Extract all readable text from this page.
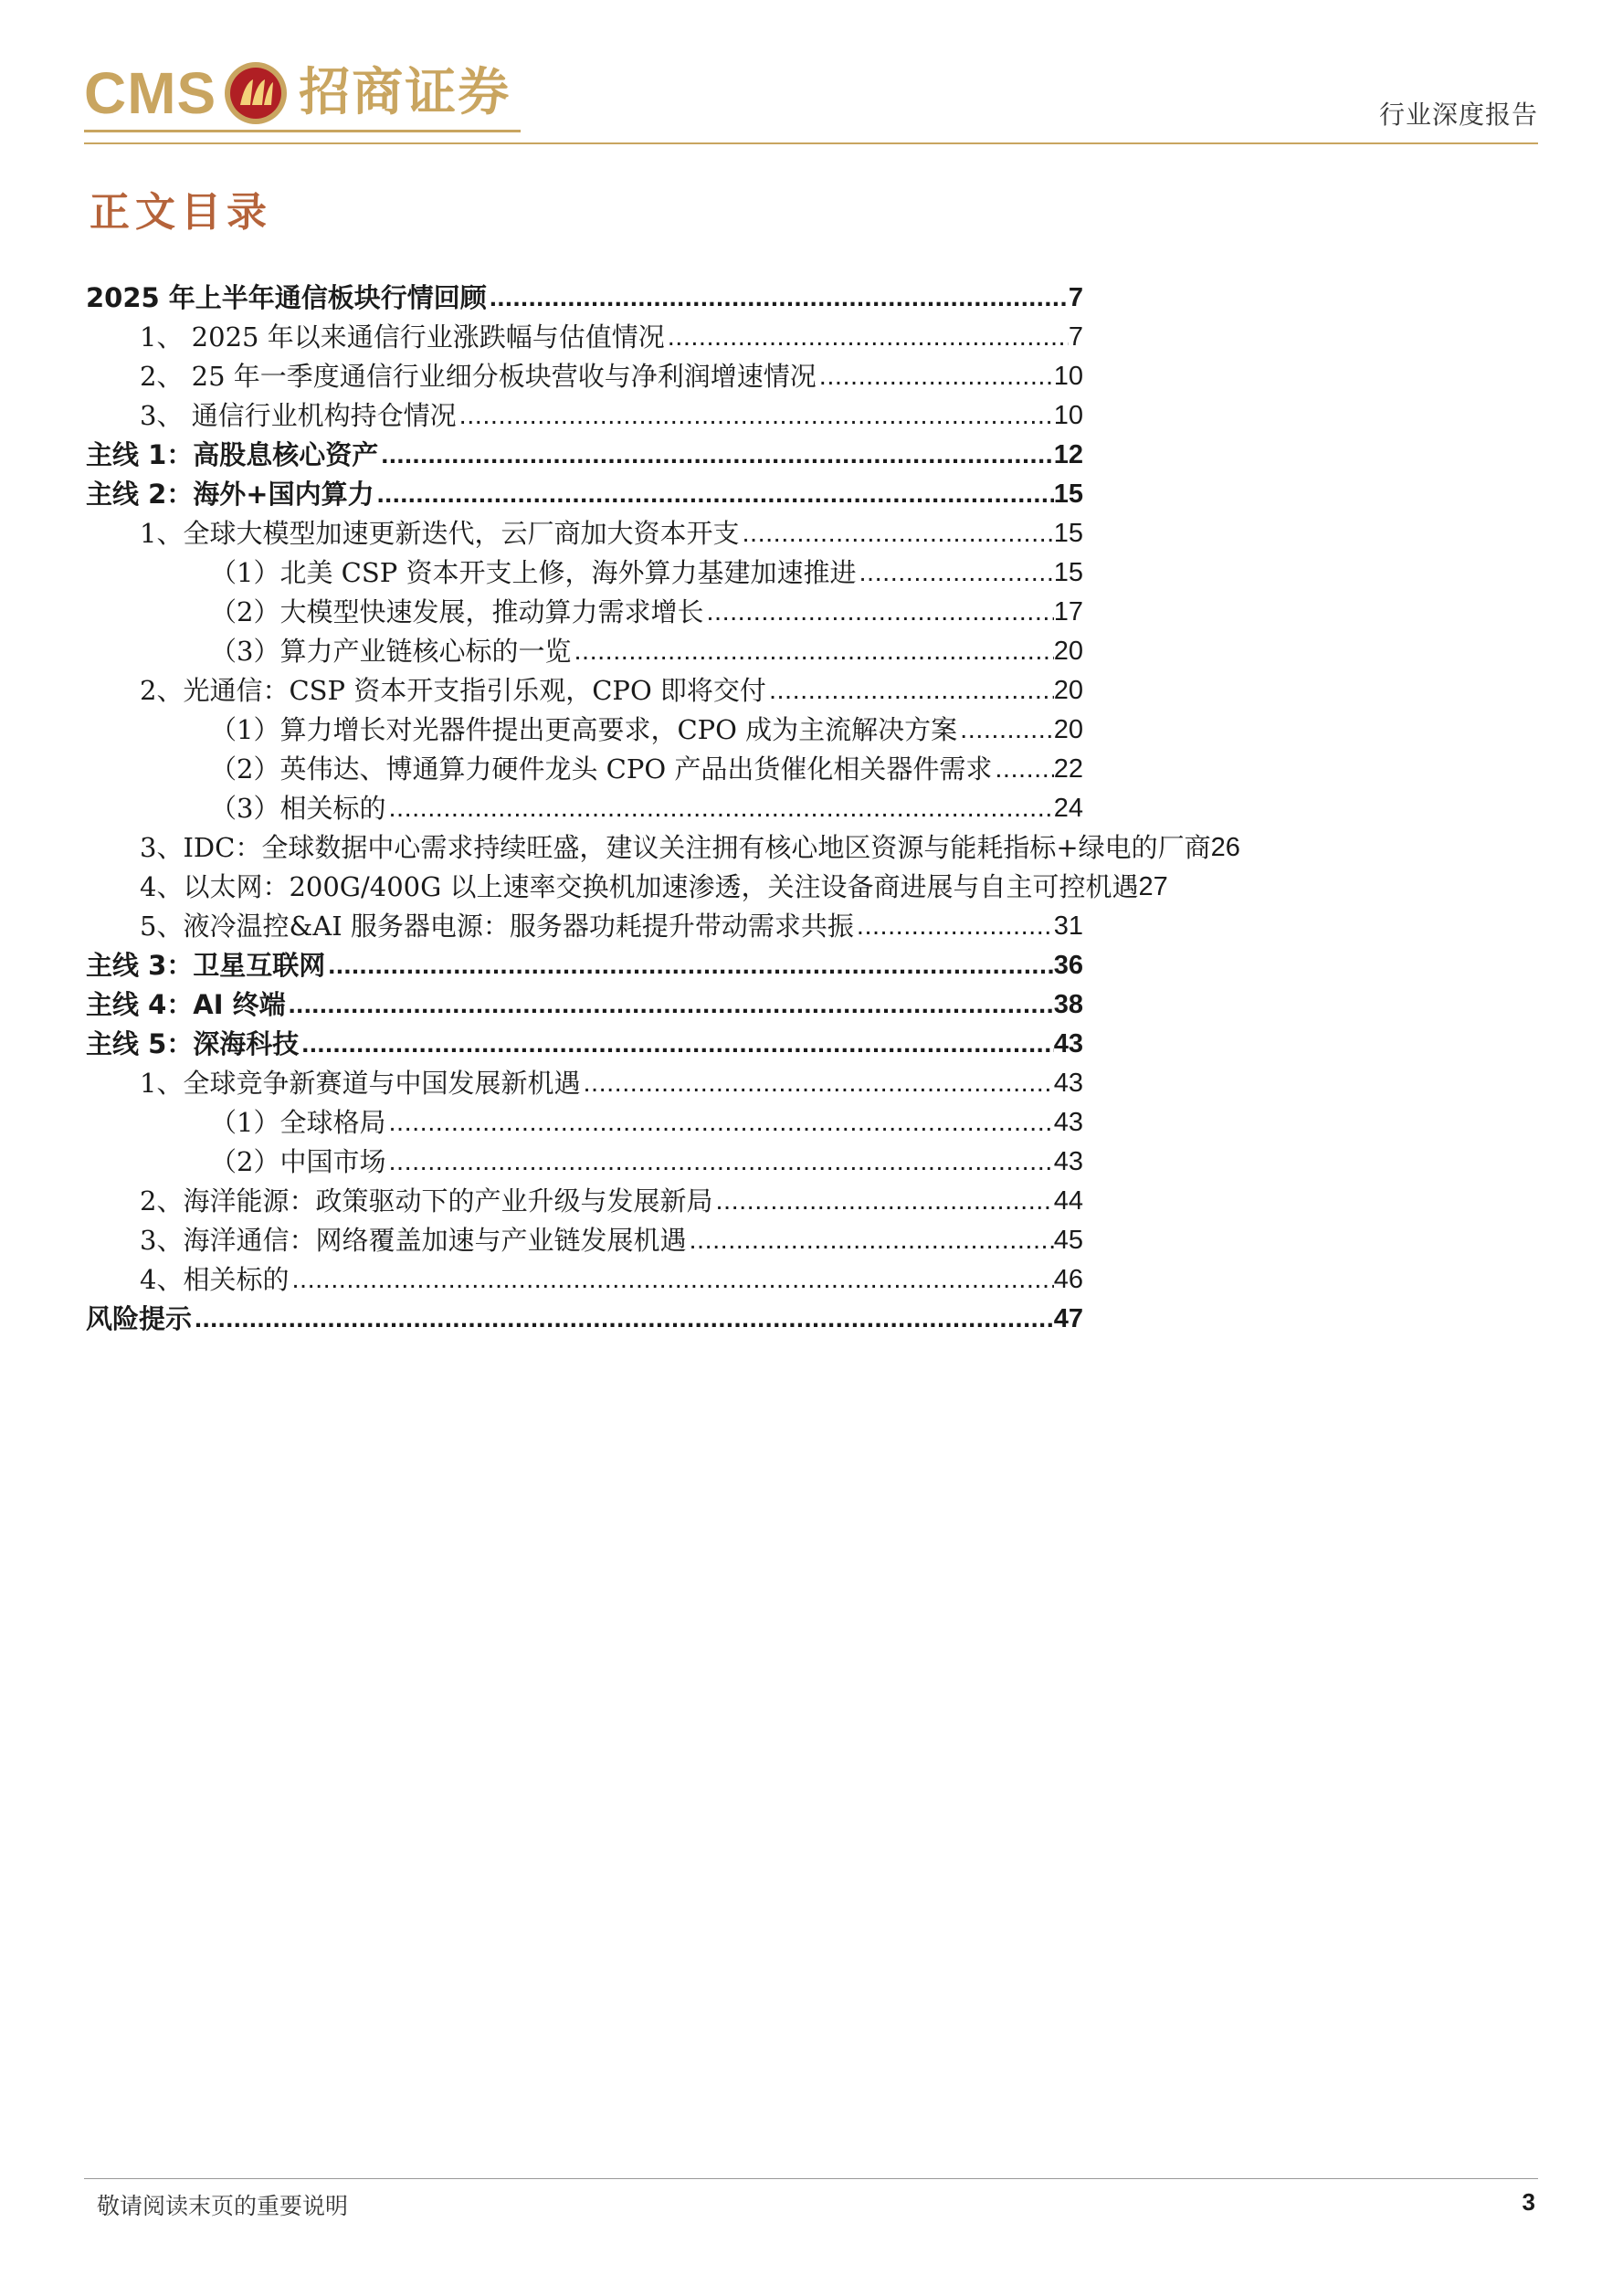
CMS 招商证券	行业深度报告
正文目录
2025 年上半年通信板块行情回顾 .....	7
1、 2025 年以来通信行业涨跌幅与估值情况 .....	7
2、 25 年一季度通信行业细分板块营收与净利润增速情况 .....	10
3、 通信行业机构持仓情况 .....	10
主线 1：高股息核心资产 .....	12
主线 2：海外+国内算力 .....	15
1、全球大模型加速更新迭代，云厂商加大资本开支 .....	15
（1）北美 CSP 资本开支上修，海外算力基建加速推进 .....	15
（2）大模型快速发展，推动算力需求增长 .....	17
（3）算力产业链核心标的一览 .....	20
2、光通信：CSP 资本开支指引乐观，CPO 即将交付 .....	20
（1）算力增长对光器件提出更高要求，CPO 成为主流解决方案 .....	20
（2）英伟达、博通算力硬件龙头 CPO 产品出货催化相关器件需求 ..... 22
（3）相关标的 .....	24
3、IDC：全球数据中心需求持续旺盛，建议关注拥有核心地区资源与能耗指标+绿电的厂商 26
4、以太网：200G/400G 以上速率交换机加速渗透，关注设备商进展与自主可控机遇 27
5、液冷温控&AI 服务器电源：服务器功耗提升带动需求共振 .....	31
主线 3：卫星互联网 .....	36
主线 4：AI 终端 .....	38
主线 5：深海科技 .....	43
1、全球竞争新赛道与中国发展新机遇 .....	43
（1）全球格局 .....	43
（2）中国市场 .....	43
2、海洋能源：政策驱动下的产业升级与发展新局 .....	44
3、海洋通信：网络覆盖加速与产业链发展机遇 .....	45
4、相关标的 .....	46
风险提示 .....	47
敬请阅读末页的重要说明	3
